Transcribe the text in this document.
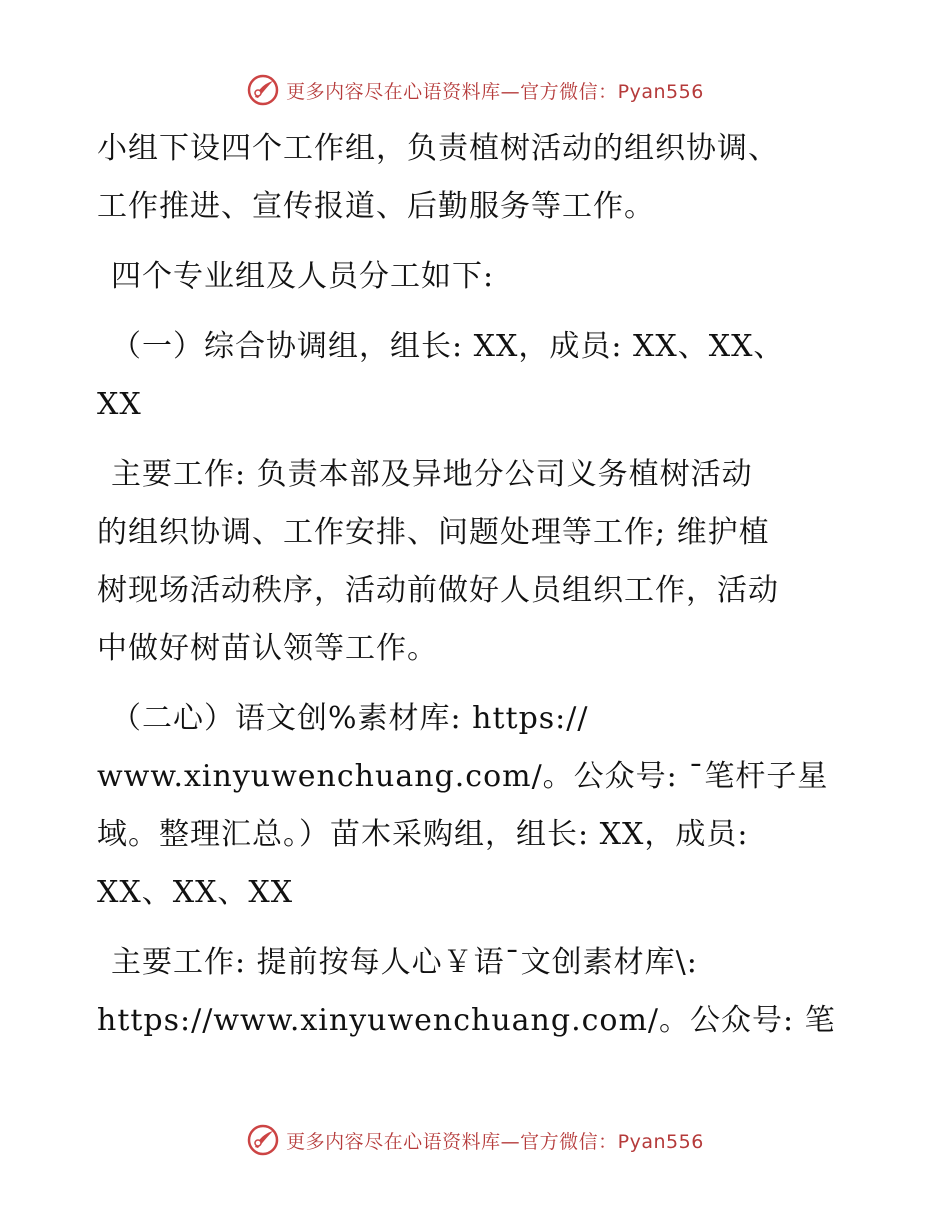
更多内容尽在心语资料库—官方微信：Pyan556
小组下设四个工作组，负责植树活动的组织协调、
工作推进、宣传报道、后勤服务等工作。
四个专业组及人员分工如下:
（一）综合协调组，组长: XX，成员: XX、XX、
XX
主要工作: 负责本部及异地分公司义务植树活动
的组织协调、工作安排、问题处理等工作; 维护植
树现场活动秩序，活动前做好人员组织工作，活动
中做好树苗认领等工作。
（二心）语文创%素材库: https://
www.xinyuwenchuang.com/。公众号: ¯笔杆子星
域。整理汇总。）苗木采购组，组长: XX，成员:
XX、XX、XX
主要工作: 提前按每人心￥语¯文创素材库\:
https://www.xinyuwenchuang.com/。公众号: 笔
更多内容尽在心语资料库—官方微信：Pyan556
